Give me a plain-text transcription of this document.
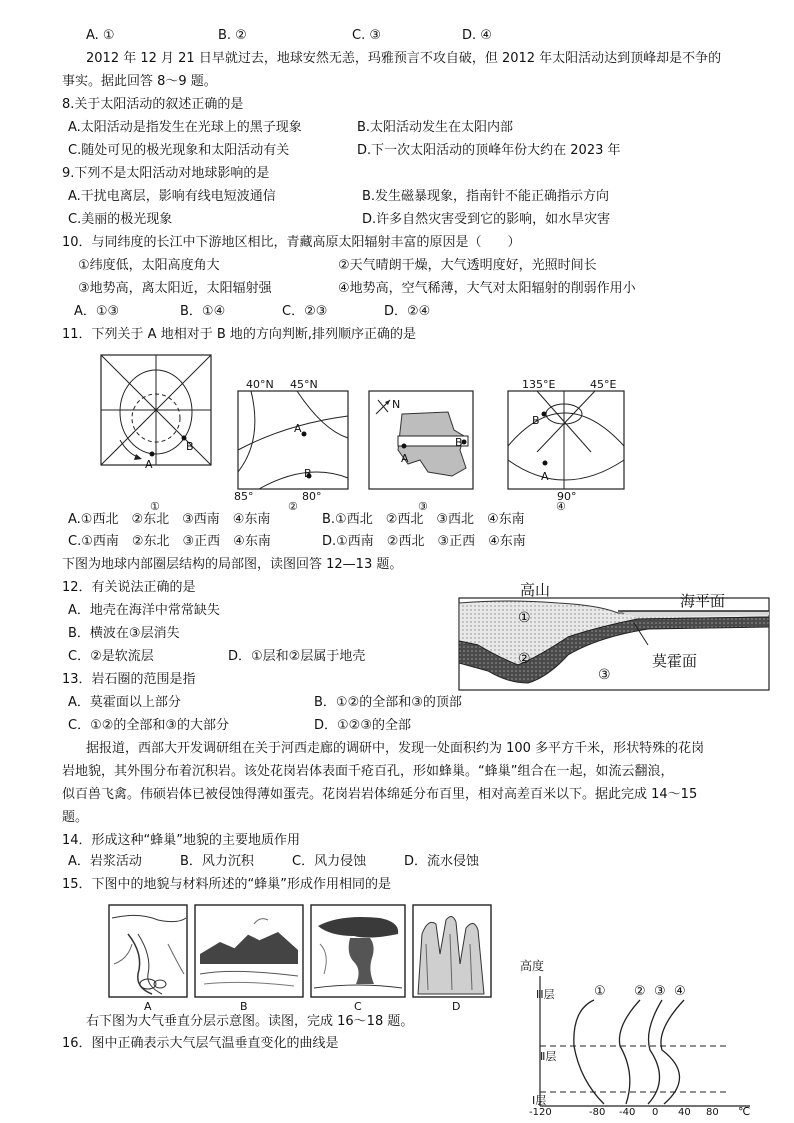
A. ①	B. ②	C. ③	D. ④
2012 年 12 月 21 日早就过去，地球安然无恙，玛雅预言不攻自破，但 2012 年太阳活动达到顶峰却是不争的
事实。据此回答 8～9 题。
8.关于太阳活动的叙述正确的是
A.太阳活动是指发生在光球上的黑子现象	B.太阳活动发生在太阳内部
C.随处可见的极光现象和太阳活动有关	D.下一次太阳活动的顶峰年份大约在 2023 年
9.下列不是太阳活动对地球影响的是
A.干扰电离层，影响有线电短波通信	B.发生磁暴现象，指南针不能正确指示方向
C.美丽的极光现象	D.许多自然灾害受到它的影响，如水旱灾害
10．与同纬度的长江中下游地区相比，青藏高原太阳辐射丰富的原因是（　　）
①纬度低，太阳高度角大	②天气晴朗干燥，大气透明度好，光照时间长
③地势高，离太阳近，太阳辐射强	④地势高，空气稀薄，大气对太阳辐射的削弱作用小
A．①③	B．①④	C．②③	D．②④
11．下列关于 A 地相对于 B 地的方向判断,排列顺序正确的是
A
B
①
40°N 45°N
A
B
85°	80°
②
N
A
B
③
135°E	45°E
B
A
90°
④
A.①西北　②东北　③西南　④东南	B.①西北　②西北　③西北　④东南
C.①西南　②东北　③正西　④东南	D.①西南　②西北　③正西　④东南
下图为地球内部圈层结构的局部图，读图回答 12—13 题。
12．有关说法正确的是
A．地壳在海洋中常常缺失
B．横波在③层消失
C．②是软流层	D．①层和②层属于地壳
高山
海平面
①
②	莫霍面
③
13．岩石圈的范围是指
A．莫霍面以上部分	B．①②的全部和③的顶部
C．①②的全部和③的大部分	D．①②③的全部
据报道，西部大开发调研组在关于河西走廊的调研中，发现一处面积约为 100 多平方千米，形状特殊的花岗
岩地貌，其外围分布着沉积岩。该处花岗岩体表面千疮百孔，形如蜂巢。“蜂巢”组合在一起，如流云翻浪，
似百兽飞禽。伟硕岩体已被侵蚀得薄如蛋壳。花岗岩岩体绵延分布百里，相对高差百米以下。据此完成 14～15
题。
14．形成这种“蜂巢”地貌的主要地质作用
A．岩浆活动	B．风力沉积	C．风力侵蚀	D．流水侵蚀
15．下图中的地貌与材料所述的“蜂巢”形成作用相同的是
A	B	C	D
右下图为大气垂直分层示意图。读图，完成 16～18 题。
16．图中正确表示大气层气温垂直变化的曲线是
高度
Ⅲ层
Ⅱ层
Ⅰ层
① ② ③ ④
-120	-80 -40 0 40 80 ℃
